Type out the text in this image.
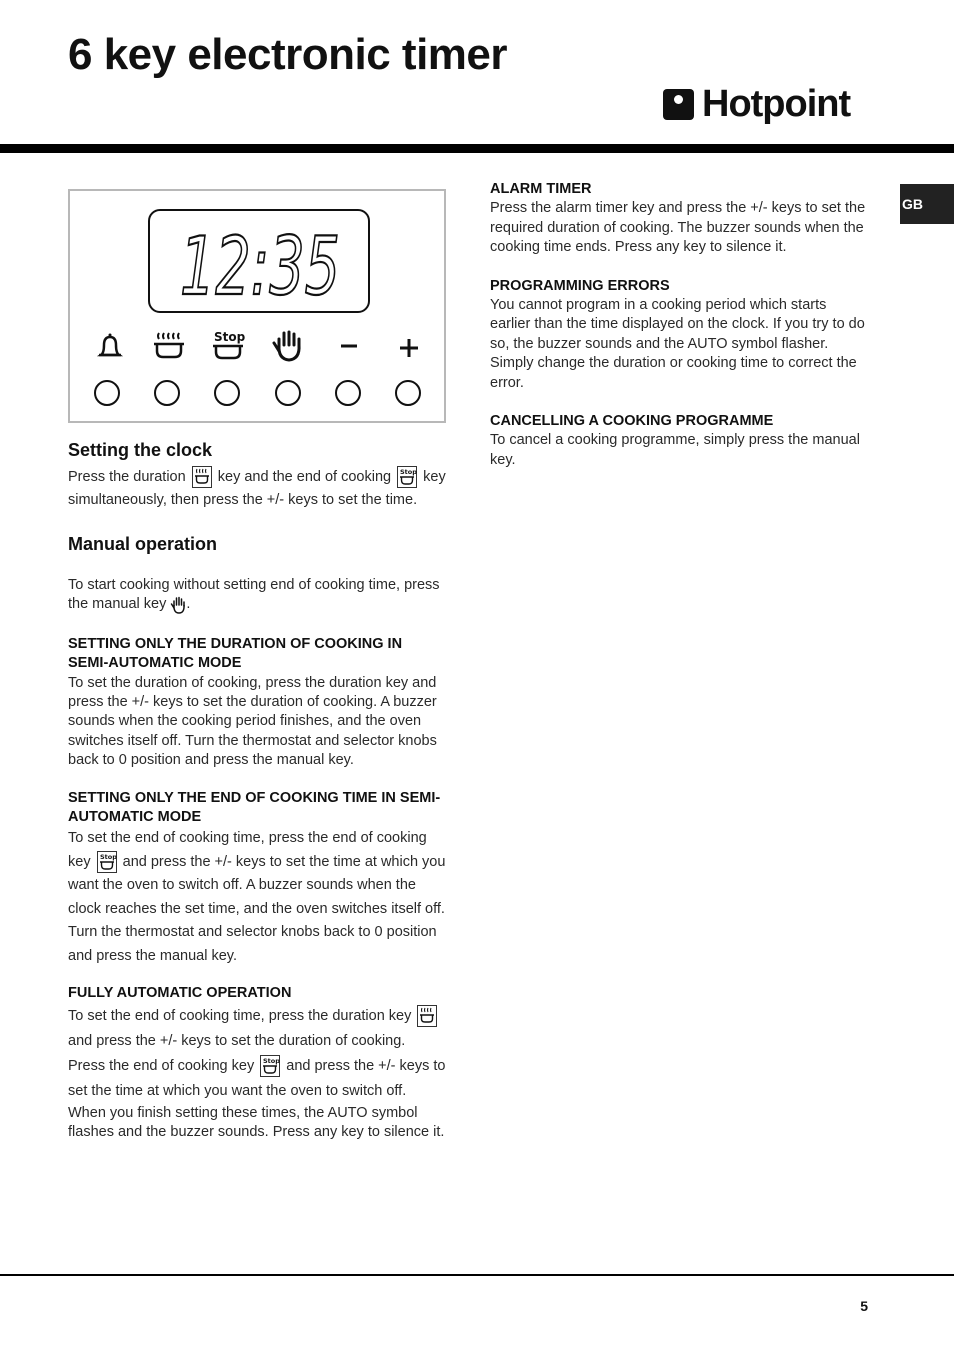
6 key electronic timer
Hotpoint
GB
12:35
Stop
Setting the clock

Press the duration key and the end of cooking Stop key simultaneously, then press the +/- keys to set the time.

Manual operation

To start cooking without setting end of cooking time, press the manual key .

SETTING ONLY THE DURATION OF COOKING IN SEMI-AUTOMATIC MODE

To set the duration of cooking, press the duration key and press the +/- keys to set the duration of cooking. A buzzer sounds when the cooking period finishes, and the oven switches itself off. Turn the thermostat and selector knobs back to 0 position and press the manual key.

SETTING ONLY THE END OF COOKING TIME IN SEMI-AUTOMATIC MODE

To set the end of cooking time, press the end of cooking key Stop and press the +/- keys to set the time at which you want the oven to switch off. A buzzer sounds when the clock reaches the set time, and the oven switches itself off. Turn the thermostat and selector knobs back to 0 position and press the manual key.

FULLY AUTOMATIC OPERATION

To set the end of cooking time, press the duration key
and press the +/- keys to set the duration of cooking. Press the end of cooking key Stop and press the +/- keys to set the time at which you want the oven to switch off.

When you finish setting these times, the AUTO symbol flashes and the buzzer sounds. Press any key to silence it.

ALARM TIMER

Press the alarm timer key and press the +/- keys to set the required duration of cooking. The buzzer sounds when the cooking time ends. Press any key to silence it.

PROGRAMMING ERRORS

You cannot program in a cooking period which starts earlier than the time displayed on the clock. If you try to do so, the buzzer sounds and the AUTO symbol flasher. Simply change the duration or cooking time to correct the error.

CANCELLING A COOKING PROGRAMME

To cancel a cooking programme, simply press the manual key.

5
